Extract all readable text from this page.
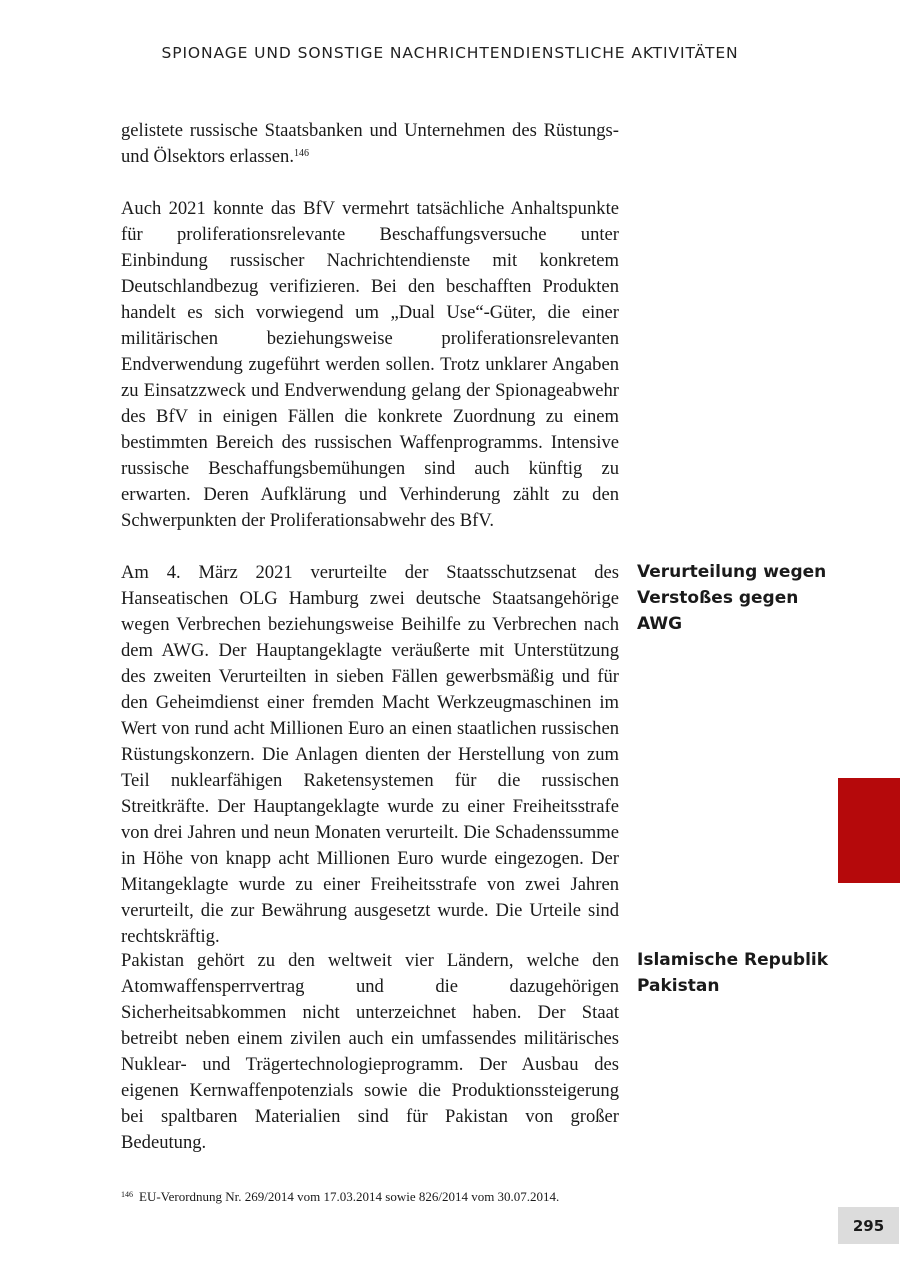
SPIONAGE UND SONSTIGE NACHRICHTENDIENSTLICHE AKTIVITÄTEN

gelistete russische Staatsbanken und Unternehmen des Rüstungs- und Ölsektors erlassen.$^{146}$

Auch 2021 konnte das BfV vermehrt tatsächliche Anhaltspunkte für proliferationsrelevante Beschaffungsversuche unter Einbindung russischer Nachrichtendienste mit konkretem Deutschlandbezug verifizieren. Bei den beschafften Produkten handelt es sich vorwiegend um „Dual Use“-Güter, die einer militärischen beziehungsweise proliferationsrelevanten Endverwendung zugeführt werden sollen. Trotz unklarer Angaben zu Einsatzzweck und Endverwendung gelang der Spionageabwehr des BfV in einigen Fällen die konkrete Zuordnung zu einem bestimmten Bereich des russischen Waffenprogramms. Intensive russische Beschaffungsbemühungen sind auch künftig zu erwarten. Deren Aufklärung und Verhinderung zählt zu den Schwerpunkten der Proliferationsabwehr des BfV.

Am 4. März 2021 verurteilte der Staatsschutzsenat des Hanseatischen OLG Hamburg zwei deutsche Staatsangehörige wegen Verbrechen beziehungsweise Beihilfe zu Verbrechen nach dem AWG. Der Hauptangeklagte veräußerte mit Unterstützung des zweiten Verurteilten in sieben Fällen gewerbsmäßig und für den Geheimdienst einer fremden Macht Werkzeugmaschinen im Wert von rund acht Millionen Euro an einen staatlichen russischen Rüstungskonzern. Die Anlagen dienten der Herstellung von zum Teil nuklearfähigen Raketensystemen für die russischen Streitkräfte. Der Hauptangeklagte wurde zu einer Freiheitsstrafe von drei Jahren und neun Monaten verurteilt. Die Schadenssumme in Höhe von knapp acht Millionen Euro wurde eingezogen. Der Mitangeklagte wurde zu einer Freiheitsstrafe von zwei Jahren verurteilt, die zur Bewährung ausgesetzt wurde. Die Urteile sind rechtskräftig.

Pakistan gehört zu den weltweit vier Ländern, welche den Atomwaffensperrvertrag und die dazugehörigen Sicherheitsabkommen nicht unterzeichnet haben. Der Staat betreibt neben einem zivilen auch ein umfassendes militärisches Nuklear- und Trägertechnologieprogramm. Der Ausbau des eigenen Kernwaffenpotenzials sowie die Produktionssteigerung bei spaltbaren Materialien sind für Pakistan von großer Bedeutung.

Verurteilung wegen Verstoßes gegen AWG

Islamische Republik Pakistan

$^{146}$ EU-Verordnung Nr. 269/2014 vom 17.03.2014 sowie 826/2014 vom 30.07.2014.
295
